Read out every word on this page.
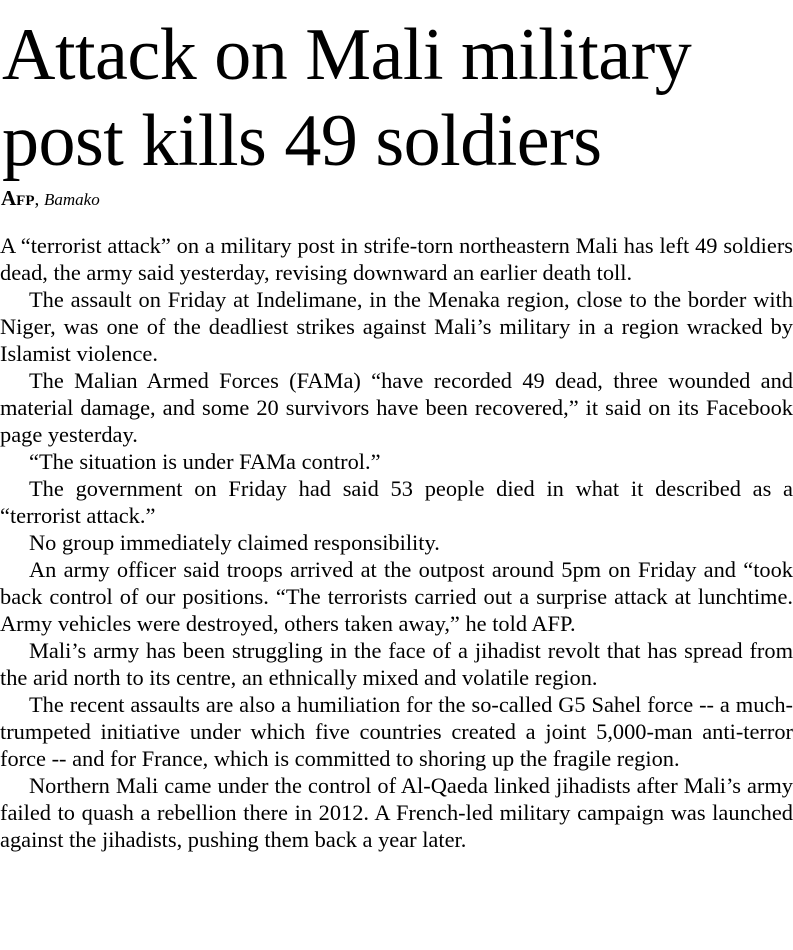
Attack on Mali military
post kills 49 soldiers
Afp, Bamako

A “terrorist attack” on a military post in strife-torn northeastern Mali has left 49 soldiers dead, the army said yesterday, revising downward an earlier death toll.

The assault on Friday at Indelimane, in the Menaka region, close to the border with Niger, was one of the deadliest strikes against Mali’s military in a region wracked by Islamist violence.

The Malian Armed Forces (FAMa) “have recorded 49 dead, three wounded and material damage, and some 20 survivors have been recovered,” it said on its Facebook page yesterday.

“The situation is under FAMa control.”

The government on Friday had said 53 people died in what it described as a “terrorist attack.”

No group immediately claimed responsibility.

An army officer said troops arrived at the outpost around 5pm on Friday and “took back control of our positions. “The terrorists carried out a surprise attack at lunchtime. Army vehicles were destroyed, others taken away,” he told AFP.

Mali’s army has been struggling in the face of a jihadist revolt that has spread from the arid north to its centre, an ethnically mixed and volatile region.

The recent assaults are also a humiliation for the so-called G5 Sahel force -- a much-trumpeted initiative under which five countries created a joint 5,000-man anti-terror force -- and for France, which is committed to shoring up the fragile region.

Northern Mali came under the control of Al-Qaeda linked jihadists after Mali’s army failed to quash a rebellion there in 2012. A French-led military campaign was launched against the jihadists, pushing them back a year later.
